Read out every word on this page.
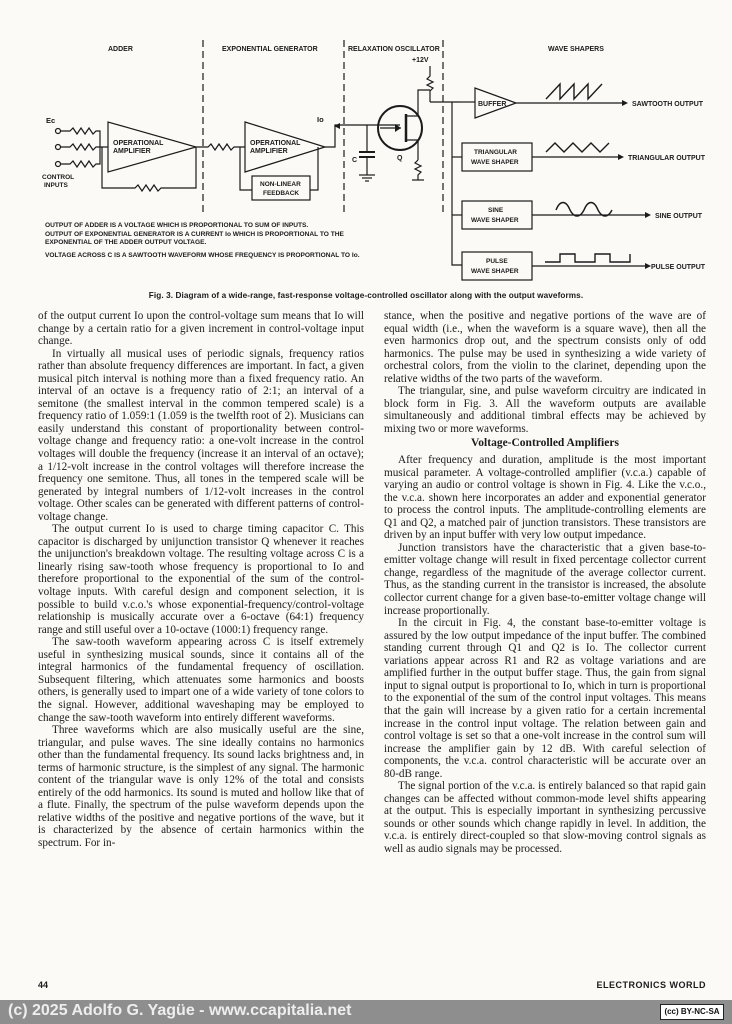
ADDER	EXPONENTIAL GENERATOR	RELAXATION OSCILLATOR	WAVE SHAPERS
Ec
CONTROL
INPUTS
OPERATIONAL
AMPLIFIER
OPERATIONAL
AMPLIFIER
NON-LINEAR
FEEDBACK
Io
C	Q
+12V
BUFFER	SAWTOOTH OUTPUT
TRIANGULAR
WAVE SHAPER
TRIANGULAR OUTPUT
SINE
WAVE SHAPER
SINE OUTPUT
PULSE
WAVE SHAPER
PULSE OUTPUT
OUTPUT OF ADDER IS A VOLTAGE WHICH IS PROPORTIONAL TO SUM OF INPUTS.
OUTPUT OF EXPONENTIAL GENERATOR IS A CURRENT Io WHICH IS PROPORTIONAL TO THE
EXPONENTIAL OF THE ADDER OUTPUT VOLTAGE.
VOLTAGE ACROSS C IS A SAWTOOTH WAVEFORM WHOSE FREQUENCY IS PROPORTIONAL TO Io.
Fig. 3. Diagram of a wide-range, fast-response voltage-controlled oscillator along with the output waveforms.

of the output current Io upon the control-voltage sum means that Io will change by a certain ratio for a given increment in control-voltage input change.

In virtually all musical uses of periodic signals, frequency ratios rather than absolute frequency differences are important. In fact, a given musical pitch interval is nothing more than a fixed frequency ratio. An interval of an octave is a frequency ratio of 2:1; an interval of a semitone (the smallest interval in the common tempered scale) is a frequency ratio of 1.059:1 (1.059 is the twelfth root of 2). Musicians can easily understand this constant of proportionality between control-voltage change and frequency ratio: a one-volt increase in the control voltages will double the frequency (increase it an interval of an octave); a 1/12-volt increase in the control voltages will therefore increase the frequency one semitone. Thus, all tones in the tempered scale will be generated by integral numbers of 1/12-volt increases in the control voltage. Other scales can be generated with different patterns of control-voltage change.

The output current Io is used to charge timing capacitor C. This capacitor is discharged by unijunction transistor Q whenever it reaches the unijunction's breakdown voltage. The resulting voltage across C is a linearly rising saw-tooth whose frequency is proportional to Io and therefore proportional to the exponential of the sum of the control-voltage inputs. With careful design and component selection, it is possible to build v.c.o.'s whose exponential-frequency/control-voltage relationship is musically accurate over a 6-octave (64:1) frequency range and still useful over a 10-octave (1000:1) frequency range.

The saw-tooth waveform appearing across C is itself extremely useful in synthesizing musical sounds, since it contains all of the integral harmonics of the fundamental frequency of oscillation. Subsequent filtering, which attenuates some harmonics and boosts others, is generally used to impart one of a wide variety of tone colors to the signal. However, additional waveshaping may be employed to change the saw-tooth waveform into entirely different waveforms.

Three waveforms which are also musically useful are the sine, triangular, and pulse waves. The sine ideally contains no harmonics other than the fundamental frequency. Its sound lacks brightness and, in terms of harmonic structure, is the simplest of any signal. The harmonic content of the triangular wave is only 12% of the total and consists entirely of the odd harmonics. Its sound is muted and hollow like that of a flute. Finally, the spectrum of the pulse waveform depends upon the relative widths of the positive and negative portions of the wave, but it is characterized by the absence of certain harmonics within the spectrum. For in-

stance, when the positive and negative portions of the wave are of equal width (i.e., when the waveform is a square wave), then all the even harmonics drop out, and the spectrum consists only of odd harmonics. The pulse may be used in synthesizing a wide variety of orchestral colors, from the violin to the clarinet, depending upon the relative widths of the two parts of the waveform.

The triangular, sine, and pulse waveform circuitry are indicated in block form in Fig. 3. All the waveform outputs are available simultaneously and additional timbral effects may be achieved by mixing two or more waveforms.

Voltage-Controlled Amplifiers

After frequency and duration, amplitude is the most important musical parameter. A voltage-controlled amplifier (v.c.a.) capable of varying an audio or control voltage is shown in Fig. 4. Like the v.c.o., the v.c.a. shown here incorporates an adder and exponential generator to process the control inputs. The amplitude-controlling elements are Q1 and Q2, a matched pair of junction transistors. These transistors are driven by an input buffer with very low output impedance.

Junction transistors have the characteristic that a given base-to-emitter voltage change will result in fixed percentage collector current change, regardless of the magnitude of the average collector current. Thus, as the standing current in the transistor is increased, the absolute collector current change for a given base-to-emitter voltage change will increase proportionally.

In the circuit in Fig. 4, the constant base-to-emitter voltage is assured by the low output impedance of the input buffer. The combined standing current through Q1 and Q2 is Io. The collector current variations appear across R1 and R2 as voltage variations and are amplified further in the output buffer stage. Thus, the gain from signal input to signal output is proportional to Io, which in turn is proportional to the exponential of the sum of the control input voltages. This means that the gain will increase by a given ratio for a certain incremental increase in the control input voltage. The relation between gain and control voltage is set so that a one-volt increase in the control sum will increase the amplifier gain by 12 dB. With careful selection of components, the v.c.a. control characteristic will be accurate over an 80-dB range.

The signal portion of the v.c.a. is entirely balanced so that rapid gain changes can be affected without common-mode level shifts appearing at the output. This is especially important in synthesizing percussive sounds or other sounds which change rapidly in level. In addition, the v.c.a. is entirely direct-coupled so that slow-moving control signals as well as audio signals may be processed.

44	ELECTRONICS WORLD
(c) 2025 Adolfo G. Yagüe - www.ccapitalia.net	(cc) BY-NC-SA
